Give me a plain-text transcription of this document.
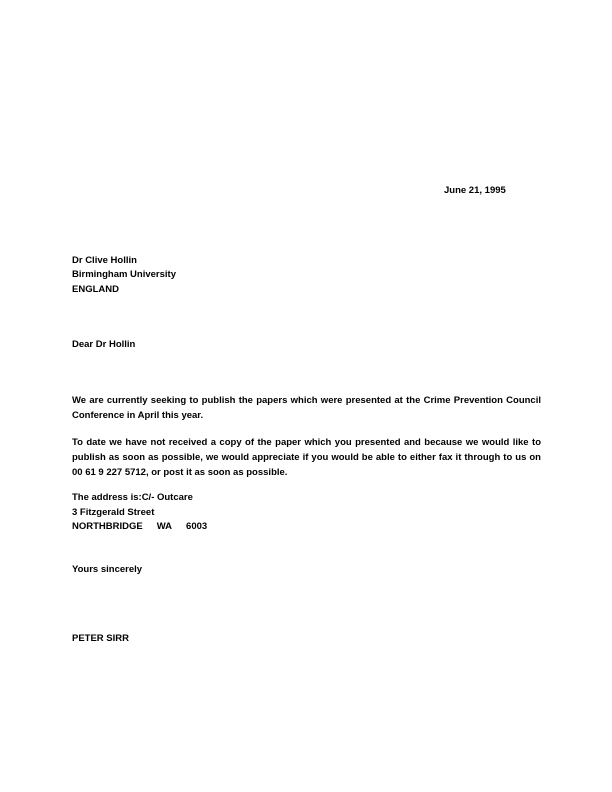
June 21, 1995
Dr Clive Hollin
Birmingham University
ENGLAND
Dear Dr Hollin
We are currently seeking to publish the papers which were presented at the Crime Prevention Council Conference in April this year.
To date we have not received a copy of the paper which you presented and because we would like to publish as soon as possible, we would appreciate if you would be able to either fax it through to us on 00 61 9 227 5712, or post it as soon as possible.
The address is:C/- Outcare
3 Fitzgerald Street
NORTHBRIDGE WA 6003
Yours sincerely
PETER SIRR
